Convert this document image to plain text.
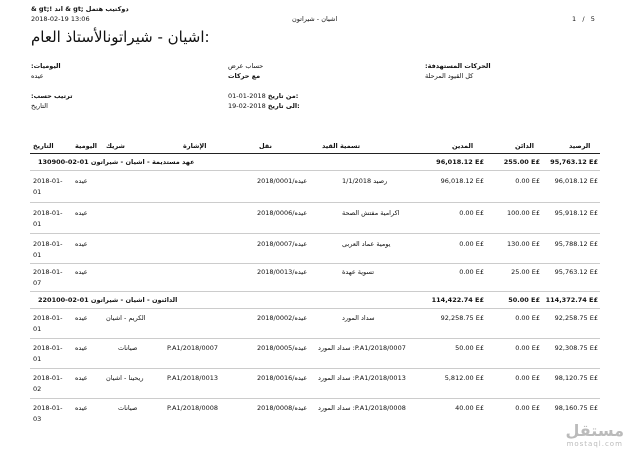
& gt;! اند & gt; دوكتيب هتمل
2018-02-19 13:06	اشيان - شيراتون	1 / 5
اشيان - شيراتونالأستاذ العام:
:اليوميات
عيده
حساب عرض
مع حركات
:الحركات المستهدفة
كل القيود المرحلة
:ترتيب حسب
التاريخ
01-01-2018 من تاريخ:
19-02-2018 الى تاريخ:
التاريخ	اليومية شريك	الإشارة	نقل	تسمية القيد	المدين	الدائن	الرصيد
130900-02-01 عهد مستديمة - اشيان - شيراتون	96,018.12 E£	255.00 E£	95,763.12 E£
2018-01-
01
عيده	عيده/2018/0001	رصيد 1/1/2018	96,018.12 E£	0.00 E£	96,018.12 E£
2018-01-
01
عيده	عيده/2018/0006	اكرامية مفتش الصحة	0.00 E£	100.00 E£	95,918.12 E£
2018-01-
01
عيده	عيده/2018/0007	يومية عماد العربى	0.00 E£	130.00 E£	95,788.12 E£
2018-01-
07
عيده	عيده/2018/0013	تسوية عهدة	0.00 E£	25.00 E£	95,763.12 E£
220100-02-01 الدائنون - اشيان - شيراتون	114,422.74 E£	50.00 E£ 114,372.74 E£
2018-01-
01
عيده	الكريم - اشيان	عيده/2018/0002	سداد المورد	92,258.75 E£	0.00 E£	92,258.75 E£
2018-01-
01
عيده	صيانات	P.A1/2018/0007	عيده/2018/0005 سداد المورد :P.A1/2018/0007	50.00 E£	0.00 E£	92,308.75 E£
2018-01-
02
عيده	ريحينا - اشيان	P.A1/2018/0013	عيده/2018/0016 سداد المورد :P.A1/2018/0013	5,812.00 E£	0.00 E£	98,120.75 E£
2018-01-
03
عيده	صيانات	P.A1/2018/0008	عيده/2018/0008 سداد المورد :P.A1/2018/0008	40.00 E£	0.00 E£	98,160.75 E£
مستقل
mostaql.com
